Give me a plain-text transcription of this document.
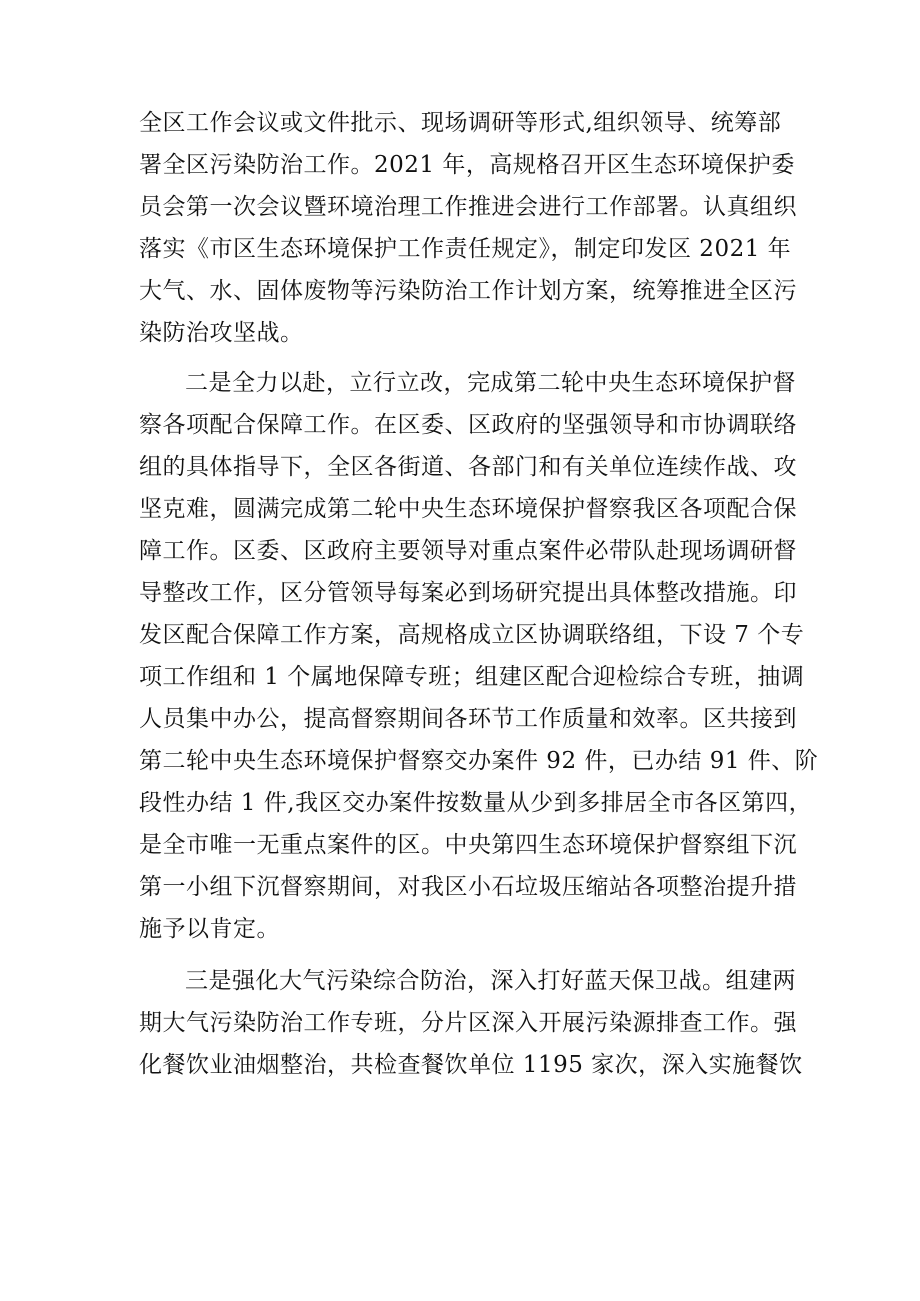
全区工作会议或文件批示、现场调研等形式,组织领导、统筹部
署全区污染防治工作。2021 年，高规格召开区生态环境保护委
员会第一次会议暨环境治理工作推进会进行工作部署。认真组织
落实《市区生态环境保护工作责任规定》，制定印发区 2021 年
大气、水、固体废物等污染防治工作计划方案，统筹推进全区污
染防治攻坚战。
二是全力以赴，立行立改，完成第二轮中央生态环境保护督
察各项配合保障工作。在区委、区政府的坚强领导和市协调联络
组的具体指导下，全区各街道、各部门和有关单位连续作战、攻
坚克难，圆满完成第二轮中央生态环境保护督察我区各项配合保
障工作。区委、区政府主要领导对重点案件必带队赴现场调研督
导整改工作，区分管领导每案必到场研究提出具体整改措施。印
发区配合保障工作方案，高规格成立区协调联络组，下设 7 个专
项工作组和 1 个属地保障专班；组建区配合迎检综合专班，抽调
人员集中办公，提高督察期间各环节工作质量和效率。区共接到
第二轮中央生态环境保护督察交办案件 92 件，已办结 91 件、阶
段性办结 1 件,我区交办案件按数量从少到多排居全市各区第四，
是全市唯一无重点案件的区。中央第四生态环境保护督察组下沉
第一小组下沉督察期间，对我区小石垃圾压缩站各项整治提升措
施予以肯定。
三是强化大气污染综合防治，深入打好蓝天保卫战。组建两
期大气污染防治工作专班，分片区深入开展污染源排查工作。强
化餐饮业油烟整治，共检查餐饮单位 1195 家次，深入实施餐饮
